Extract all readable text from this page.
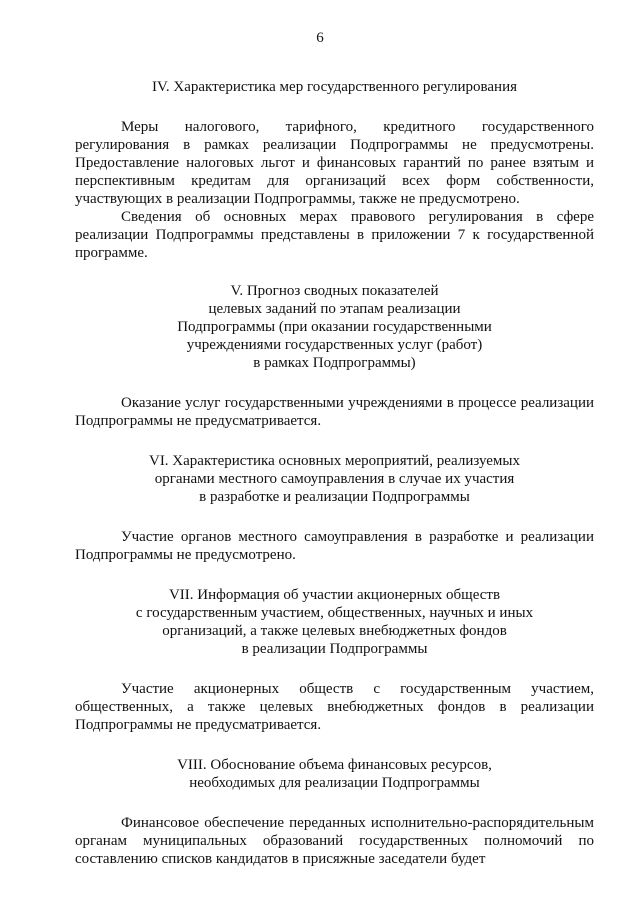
6
IV. Характеристика мер государственного регулирования

Меры налогового, тарифного, кредитного государственного регулирования в рамках реализации Подпрограммы не предусмотрены. Предоставление налоговых льгот и финансовых гарантий по ранее взятым и перспективным кредитам для организаций всех форм собственности, участвующих в реализации Подпрограммы, также не предусмотрено.

Сведения об основных мерах правового регулирования в сфере реализации Подпрограммы представлены в приложении 7 к государственной программе.

V. Прогноз сводных показателей
целевых заданий по этапам реализации
Подпрограммы (при оказании государственными
учреждениями государственных услуг (работ)
в рамках Подпрограммы)

Оказание услуг государственными учреждениями в процессе реализации Подпрограммы не предусматривается.

VI. Характеристика основных мероприятий, реализуемых
органами местного самоуправления в случае их участия
в разработке и реализации Подпрограммы

Участие органов местного самоуправления в разработке и реализации Подпрограммы не предусмотрено.

VII. Информация об участии акционерных обществ
с государственным участием, общественных, научных и иных
организаций, а также целевых внебюджетных фондов
в реализации Подпрограммы

Участие акционерных обществ с государственным участием, общественных, а также целевых внебюджетных фондов в реализации Подпрограммы не предусматривается.

VIII. Обоснование объема финансовых ресурсов,
необходимых для реализации Подпрограммы

Финансовое обеспечение переданных исполнительно-распорядительным органам муниципальных образований государственных полномочий по составлению списков кандидатов в присяжные заседатели будет
